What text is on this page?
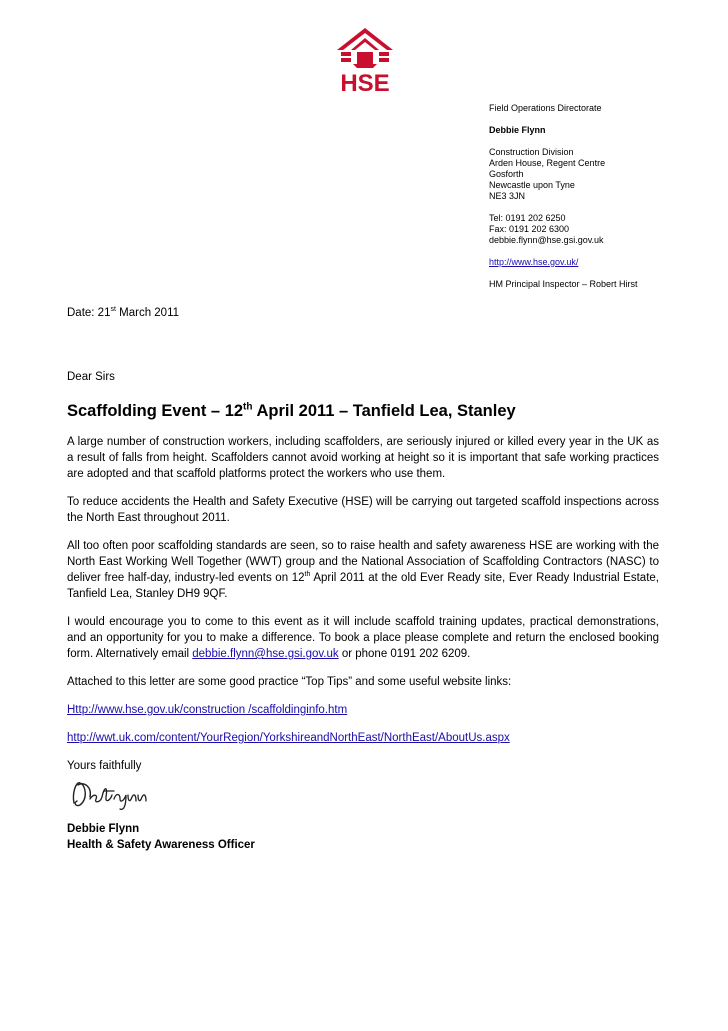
HSE
Field Operations Directorate
Debbie Flynn
Construction Division
Arden House, Regent Centre
Gosforth
Newcastle upon Tyne
NE3 3JN
Tel: 0191 202 6250
Fax: 0191 202 6300
debbie.flynn@hse.gsi.gov.uk
http://www.hse.gov.uk/
HM Principal Inspector – Robert Hirst
Date: 21st March 2011
Dear Sirs
Scaffolding Event – 12th April 2011 – Tanfield Lea, Stanley

A large number of construction workers, including scaffolders, are seriously injured or killed every year in the UK as a result of falls from height. Scaffolders cannot avoid working at height so it is important that safe working practices are adopted and that scaffold platforms protect the workers who use them.

To reduce accidents the Health and Safety Executive (HSE) will be carrying out targeted scaffold inspections across the North East throughout 2011.

All too often poor scaffolding standards are seen, so to raise health and safety awareness HSE are working with the North East Working Well Together (WWT) group and the National Association of Scaffolding Contractors (NASC) to deliver free half-day, industry-led events on 12th April 2011 at the old Ever Ready site, Ever Ready Industrial Estate, Tanfield Lea, Stanley DH9 9QF.

I would encourage you to come to this event as it will include scaffold training updates, practical demonstrations, and an opportunity for you to make a difference. To book a place please complete and return the enclosed booking form. Alternatively email debbie.flynn@hse.gsi.gov.uk or phone 0191 202 6209.

Attached to this letter are some good practice “Top Tips” and some useful website links:

Http://www.hse.gov.uk/construction /scaffoldinginfo.htm

http://wwt.uk.com/content/YourRegion/YorkshireandNorthEast/NorthEast/AboutUs.aspx

Yours faithfully

Debbie Flynn
Health & Safety Awareness Officer
